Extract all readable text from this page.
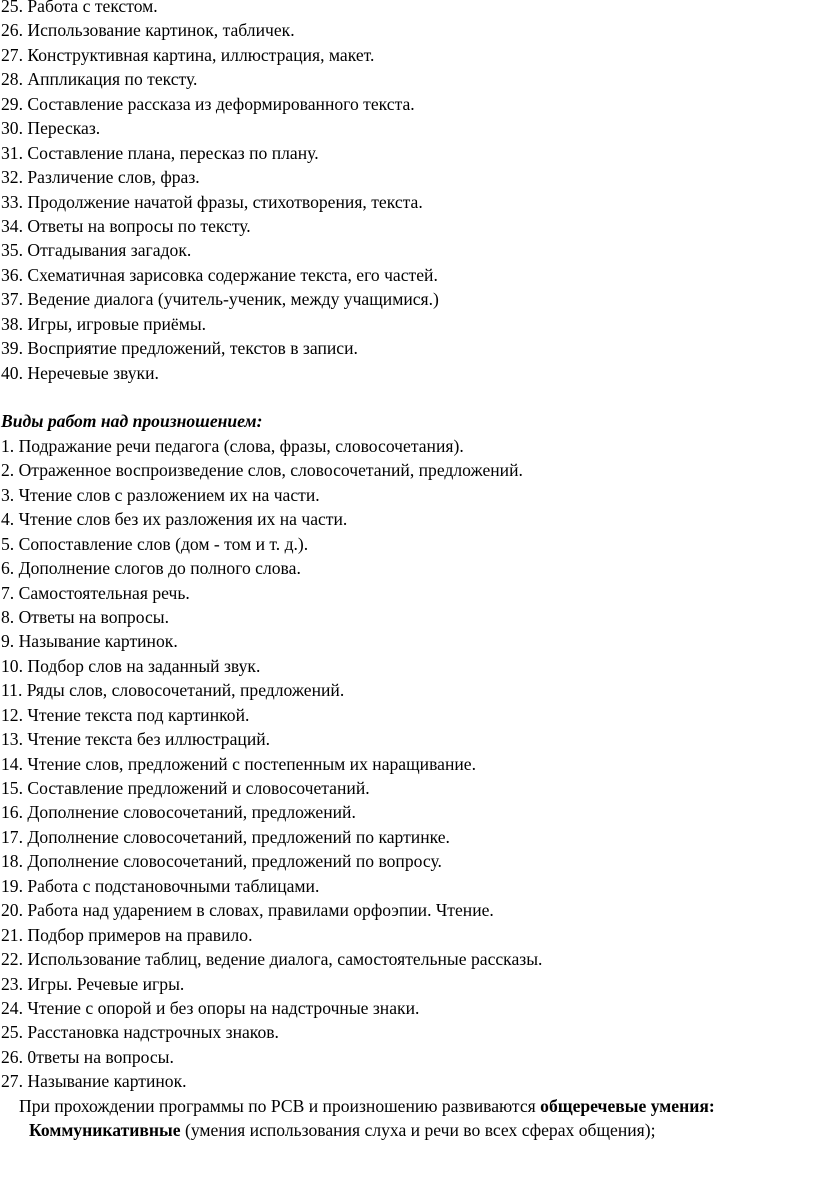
25. Работа с текстом.
26. Использование картинок, табличек.
27. Конструктивная картина, иллюстрация, макет.
28. Аппликация по тексту.
29. Составление рассказа из деформированного текста.
30. Пересказ.
31. Составление плана, пересказ по плану.
32. Различение слов, фраз.
33. Продолжение начатой фразы, стихотворения, текста.
34. Ответы на вопросы по тексту.
35. Отгадывания загадок.
36. Схематичная зарисовка содержание текста, его частей.
37. Ведение диалога (учитель-ученик, между учащимися.)
38. Игры, игровые приёмы.
39. Восприятие предложений, текстов в записи.
40. Неречевые звуки.
Виды работ над произношением:
1. Подражание речи педагога (слова, фразы, словосочетания).
2. Отраженное воспроизведение слов, словосочетаний, предложений.
3. Чтение слов с разложением их на части.
4. Чтение слов без их разложения их на части.
5. Сопоставление слов (дом - том и т. д.).
6. Дополнение слогов до полного слова.
7. Самостоятельная речь.
8. Ответы на вопросы.
9. Называние картинок.
10. Подбор слов на заданный звук.
11. Ряды слов, словосочетаний, предложений.
12. Чтение текста под картинкой.
13. Чтение текста без иллюстраций.
14. Чтение слов, предложений с постепенным их наращивание.
15. Составление предложений и словосочетаний.
16. Дополнение словосочетаний, предложений.
17. Дополнение словосочетаний, предложений по картинке.
18. Дополнение словосочетаний, предложений по вопросу.
19. Работа с подстановочными таблицами.
20. Работа над ударением в словах, правилами орфоэпии. Чтение.
21. Подбор примеров на правило.
22. Использование таблиц, ведение диалога, самостоятельные рассказы.
23. Игры. Речевые игры.
24. Чтение с опорой и без опоры на надстрочные знаки.
25. Расстановка надстрочных знаков.
26. 0тветы на вопросы.
27. Называние картинок.
При прохождении программы по РСВ и произношению развиваются общеречевые умения:
Коммуникативные (умения использования слуха и речи во всех сферах общения);
